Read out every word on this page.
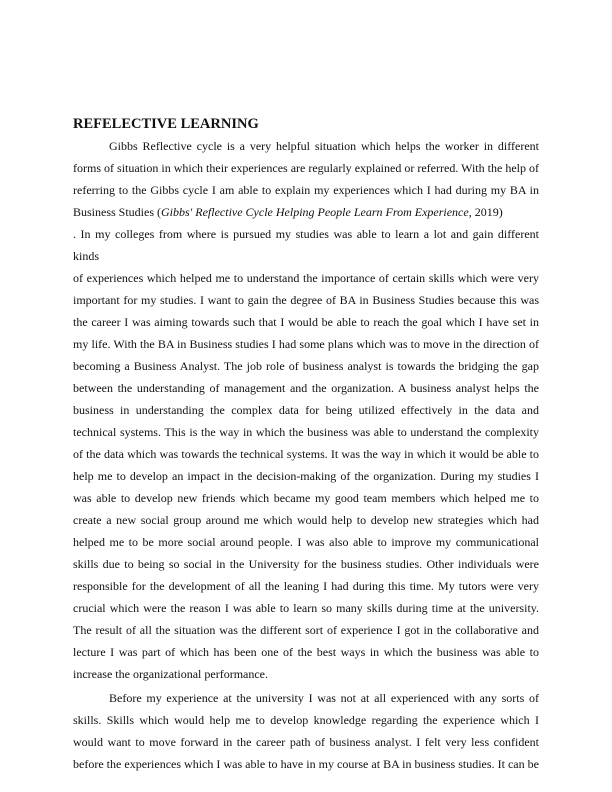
REFELECTIVE LEARNING
Gibbs Reflective cycle is a very helpful situation which helps the worker in different
forms of situation in which their experiences are regularly explained or referred. With the help of
referring to the Gibbs cycle I am able to explain my experiences which I had during my BA in
Business Studies (Gibbs' Reflective Cycle Helping People Learn From Experience, 2019)
. In my colleges from where is pursued my studies was able to learn a lot and gain different kinds
of experiences which helped me to understand the importance of certain skills which were very
important for my studies. I want to gain the degree of BA in Business Studies because this was
the career I was aiming towards such that I would be able to reach the goal which I have set in
my life. With the BA in Business studies I had some plans which was to move in the direction of
becoming a Business Analyst. The job role of business analyst is towards the bridging the gap
between the understanding of management and the organization. A business analyst helps the
business in understanding the complex data for being utilized effectively in the data and
technical systems. This is the way in which the business was able to understand the complexity
of the data which was towards the technical systems. It was the way in which it would be able to
help me to develop an impact in the decision-making of the organization. During my studies I
was able to develop new friends which became my good team members which helped me to
create a new social group around me which would help to develop new strategies which had
helped me to be more social around people. I was also able to improve my communicational
skills due to being so social in the University for the business studies. Other individuals were
responsible for the development of all the leaning I had during this time. My tutors were very
crucial which were the reason I was able to learn so many skills during time at the university.
The result of all the situation was the different sort of experience I got in the collaborative and
lecture I was part of which has been one of the best ways in which the business was able to
increase the organizational performance.
Before my experience at the university I was not at all experienced with any sorts of
skills. Skills which would help me to develop knowledge regarding the experience which I
would want to move forward in the career path of business analyst. I felt very less confident
before the experiences which I was able to have in my course at BA in business studies. It can be
